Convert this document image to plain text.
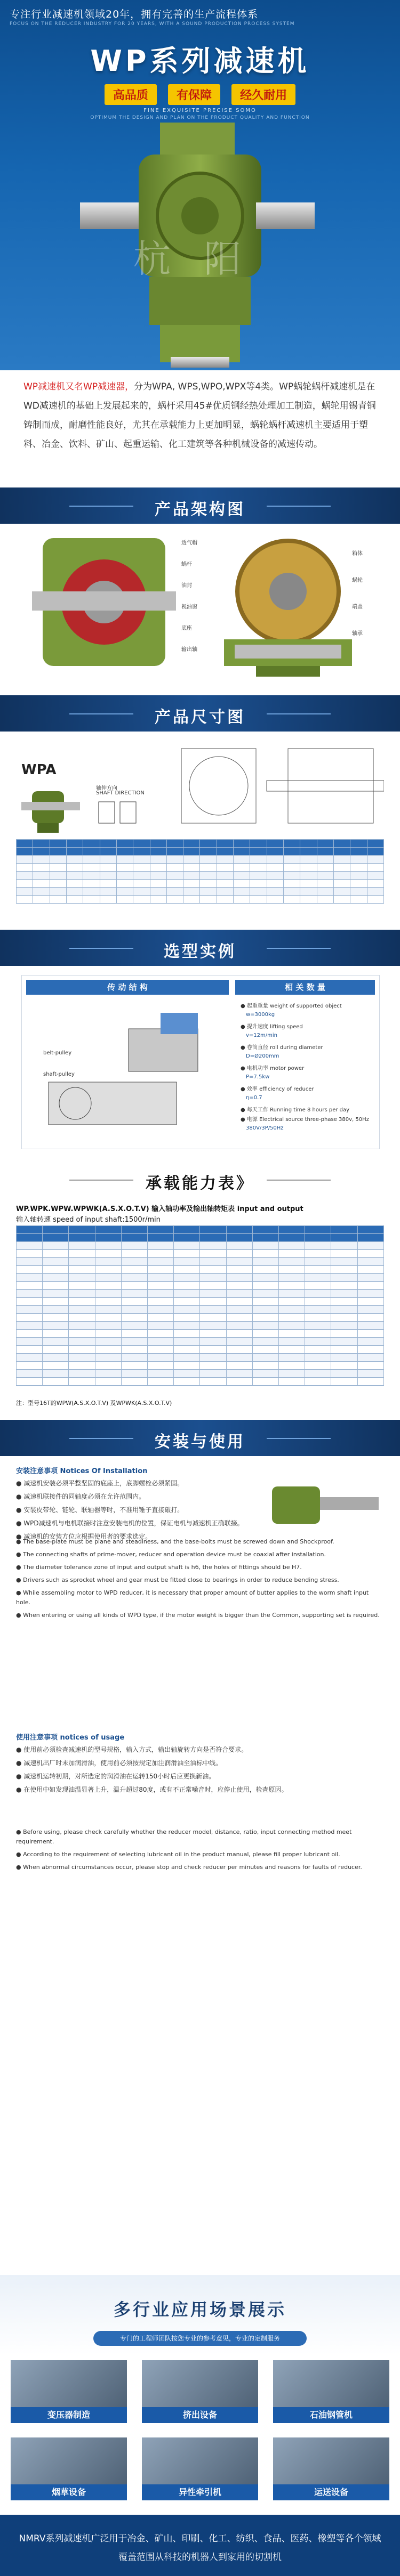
专注行业减速机领域20年，拥有完善的生产流程体系
FOCUS ON THE REDUCER INDUSTRY FOR 20 YEARS, WITH A SOUND PRODUCTION PROCESS SYSTEM
WP系列减速机
高品质 有保障 经久耐用
FINE EXQUISITE PRECISE SOMO
OPTIMUM THE DESIGN AND PLAN ON THE PRODUCT QUALITY AND FUNCTION
杭 阳
WP减速机又名WP减速器，分为WPA, WPS,WPO,WPX等4类。WP蜗轮蜗杆减速机是在WD减速机的基础上发展起来的，蜗杆采用45#优质钢经热处理加工制造，蜗轮用锡青铜铸制而成，耐磨性能良好，尤其在承载能力上更加明显，蜗轮蜗杆减速机主要适用于塑料、冶金、饮料、矿山、起重运输、化工建筑等各种机械设备的减速传动。
产品架构图
透气帽
蜗杆
油封
视油窗
底座
输出轴
箱体
蜗轮
端盖
轴承
产品尺寸图
WPA
轴伸方向
SHAFT DIRECTION

选型实例
传 动 结 构	相 关 数 量
belt-pulley
shaft-pulley
● 起重重量 weight of supported object
w=3000kg
● 提升速度 lifting speed
v=12m/min
● 卷筒直径 roll during diameter
D=Ø200mm
● 电机功率 motor power
P=7.5kw
● 效率 efficiency of reducer
η=0.7
● 每天工作 Running time 8 hours per day
● 电源 Electrical source three-phase 380v, 50Hz
380V/3P/50Hz
承载能力表》
WP.WPK.WPW.WPWK(A.S.X.O.T.V) 输入轴功率及输出轴转矩表 input and output
输入轴转速 speed of input shaft:1500r/min

注：型号16T的WPW(A.S.X.O.T.V) 及WPWK(A.S.X.O.T.V)
安装与使用
安装注意事项 Notices Of Installation
● 减速机安装必须平整坚固的底座上，底脚螺栓必须紧固。
● 减速机联接件的同轴度必须在允许范围内。
● 安装皮带轮、链轮、联轴器等时，不准用锤子直接敲打。
● WPD减速机与电机联接时注意安装电机的位置，保证电机与减速机正确联接。
● 减速机的安装方位应根据使用者的要求选定。
● The base-plate must be plane and steadiness, and the base-bolts must be screwed down and Shockproof.
● The connecting shafts of prime-mover, reducer and operation device must be coaxial after installation.
● The diameter tolerance zone of input and output shaft is h6, the holes of fittings should be H7.
● Drivers such as sprocket wheel and gear must be fitted close to bearings in order to reduce bending stress.
● While assembling motor to WPD reducer, it is necessary that proper amount of butter applies to the worm shaft input hole.
● When entering or using all kinds of WPD type, if the motor weight is bigger than the Common, supporting set is required.
使用注意事项 notices of usage
● 使用前必须检查减速机的型号规格，输入方式，输出轴旋转方向是否符合要求。
● 减速机出厂时未加润滑油，使用前必须按规定加注润滑油至油标中线。
● 减速机运转初期，对所选定的润滑油在运转150小时后应更换新油。
● 在使用中如发现油温显著上升，温升超过80度，或有不正常噪音时，应停止使用，检查原因。
● Before using, please check carefully whether the reducer model, distance, ratio, input connecting method meet requirement.
● According to the requirement of selecting lubricant oil in the product manual, please fill proper lubricant oil.
● When abnormal circumstances occur, please stop and check reducer per minutes and reasons for faults of reducer.
多行业应用场景展示
专门的工程师团队按您专业的参考意见，专业的定制服务
变压器制造	挤出设备	石油钢管机
烟草设备	异性牵引机	运送设备
NMRV系列减速机广泛用于冶金、矿山、印刷、化工、纺织、食品、医药、橡塑等各个领域
覆盖范围从科技的机器人到家用的切割机
